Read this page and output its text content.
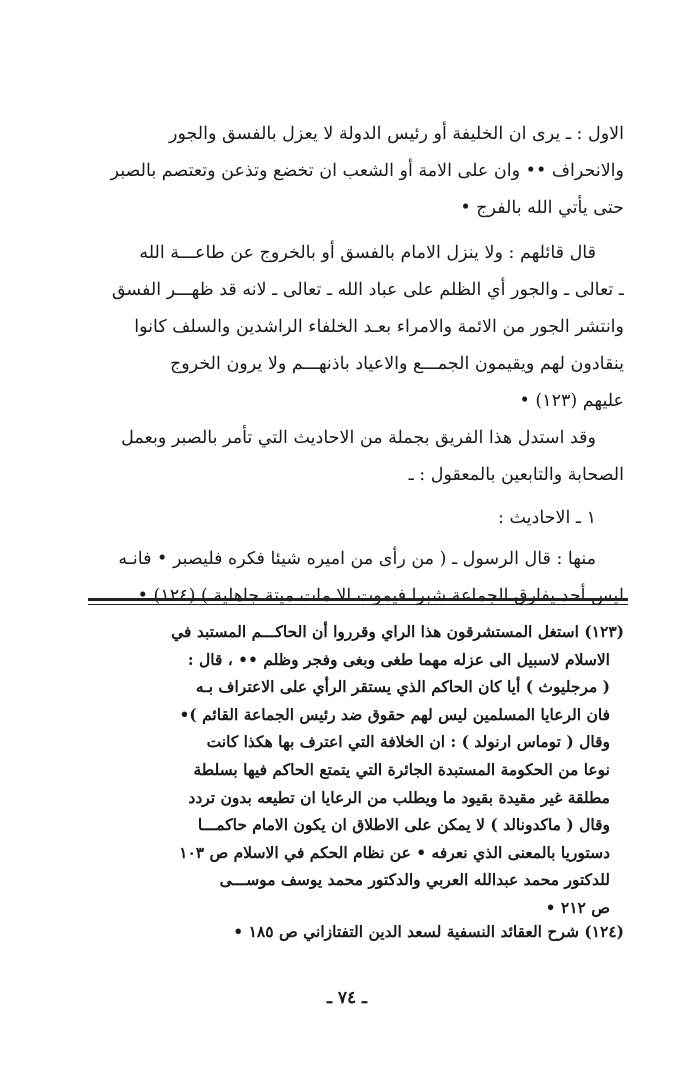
الاول : ـ يرى ان الخليفة أو رئيس الدولة لا يعزل بالفسق والجور
والانحراف •• وان على الامة أو الشعب ان تخضع وتذعن وتعتصم بالصبر
حتى يأتي الله بالفرج •
قال قائلهم : ولا ينزل الامام بالفسق أو بالخروج عن طاعـــة الله
ـ تعالى ـ والجور أي الظلم على عباد الله ـ تعالى ـ لانه قد ظهـــر الفسق
وانتشر الجور من الائمة والامراء بعـد الخلفاء الراشدين والسلف كانوا
ينقادون لهم ويقيمون الجمـــع والاعياد باذنهـــم ولا يرون الخروج
عليهم (١٢٣) •
وقد استدل هذا الفريق بجملة من الاحاديث التي تأمر بالصبر وبعمل
الصحابة والتابعين بالمعقول : ـ
١ ـ الاحاديث :
منها : قال الرسول ـ ( من رأى من اميره شيئا فكره فليصبر • فانـه
ليس أحد يفارق الجماعة شبرا فيموت الا مات ميتة جاهلية ) (١٢٤) •
(١٢٣) استغل المستشرقون هذا الراي وقرروا أن الحاكـــم المستبد في
الاسلام لاسبيل الى عزله مهما طغى وبغى وفجر وظلم •• ، قال :
( مرجليوث ) أيا كان الحاكم الذي يستقر الرأي على الاعتراف بـه
فان الرعايا المسلمين ليس لهم حقوق ضد رئيس الجماعة القائم )•
وقال ( توماس ارنولد ) : ان الخلافة التي اعترف بها هكذا كانت
نوعا من الحكومة المستبدة الجائرة التي يتمتع الحاكم فيها بسلطة
مطلقة غير مقيدة بقيود ما ويطلب من الرعايا ان تطيعه بدون تردد
وقال ( ماكدونالد ) لا يمكن على الاطلاق ان يكون الامام حاكمـــا
دستوريا بالمعنى الذي نعرفه • عن نظام الحكم في الاسلام ص ١٠٣
للدكتور محمد عبدالله العربي والدكتور محمد يوسف موســـى
ص ٢١٢ •
(١٢٤) شرح العقائد النسفية لسعد الدين التفتازاني ص ١٨٥ •
ـ ٧٤ ـ
